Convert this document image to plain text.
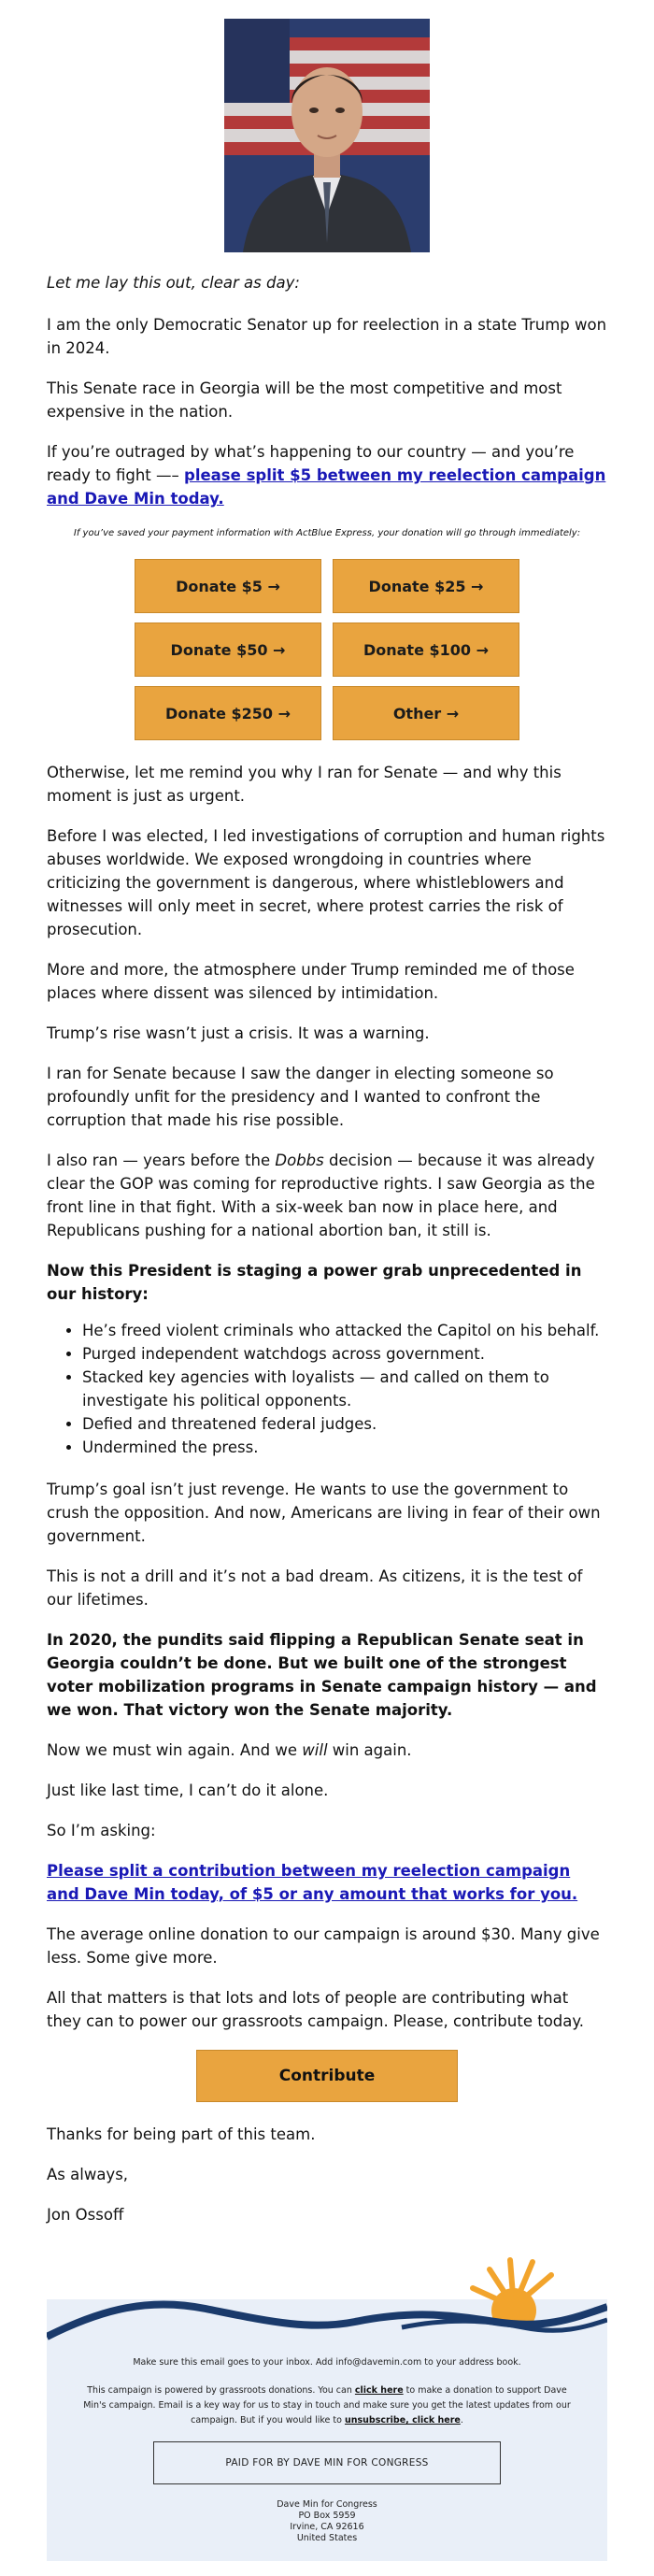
Let me lay this out, clear as day:

I am the only Democratic Senator up for reelection in a state Trump won in 2024.

This Senate race in Georgia will be the most competitive and most expensive in the nation.

If you’re outraged by what’s happening to our country — and you’re ready to fight —– please split $5 between my reelection campaign and Dave Min today.

If you’ve saved your payment information with ActBlue Express, your donation will go through immediately:
Donate $5 →	Donate $25 →
Donate $50 →	Donate $100 →
Donate $250 →	Other →

Otherwise, let me remind you why I ran for Senate — and why this moment is just as urgent.

Before I was elected, I led investigations of corruption and human rights abuses worldwide. We exposed wrongdoing in countries where criticizing the government is dangerous, where whistleblowers and witnesses will only meet in secret, where protest carries the risk of prosecution.

More and more, the atmosphere under Trump reminded me of those places where dissent was silenced by intimidation.

Trump’s rise wasn’t just a crisis. It was a warning.

I ran for Senate because I saw the danger in electing someone so profoundly unfit for the presidency and I wanted to confront the corruption that made his rise possible.

I also ran — years before the Dobbs decision — because it was already clear the GOP was coming for reproductive rights. I saw Georgia as the front line in that fight. With a six-week ban now in place here, and Republicans pushing for a national abortion ban, it still is.

Now this President is staging a power grab unprecedented in our history:

• He’s freed violent criminals who attacked the Capitol on his behalf.
• Purged independent watchdogs across government.
• Stacked key agencies with loyalists — and called on them to investigate his political opponents.
• Defied and threatened federal judges.
• Undermined the press.

Trump’s goal isn’t just revenge. He wants to use the government to crush the opposition. And now, Americans are living in fear of their own government.

This is not a drill and it’s not a bad dream. As citizens, it is the test of our lifetimes.

In 2020, the pundits said flipping a Republican Senate seat in Georgia couldn’t be done. But we built one of the strongest voter mobilization programs in Senate campaign history — and we won. That victory won the Senate majority.

Now we must win again. And we will win again.

Just like last time, I can’t do it alone.

So I’m asking:

Please split a contribution between my reelection campaign and Dave Min today, of $5 or any amount that works for you.

The average online donation to our campaign is around $30. Many give less. Some give more.

All that matters is that lots and lots of people are contributing what they can to power our grassroots campaign. Please, contribute today.

Contribute

Thanks for being part of this team.

As always,

Jon Ossoff

Make sure this email goes to your inbox. Add info@davemin.com to your address book.

This campaign is powered by grassroots donations. You can click here to make a donation to support Dave Min's campaign. Email is a key way for us to stay in touch and make sure you get the latest updates from our campaign. But if you would like to unsubscribe, click here.

PAID FOR BY DAVE MIN FOR CONGRESS
Dave Min for Congress
PO Box 5959
Irvine, CA 92616
United States
